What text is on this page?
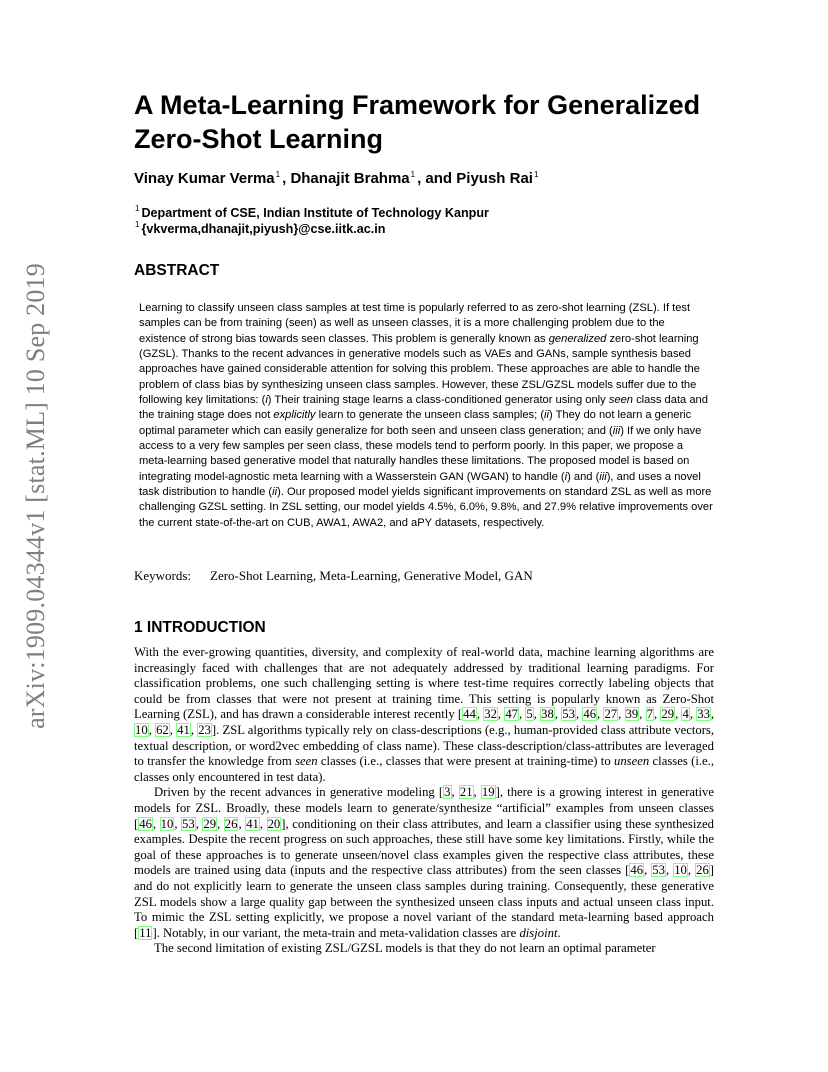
arXiv:1909.04344v1 [stat.ML] 10 Sep 2019
A Meta-Learning Framework for Generalized
Zero-Shot Learning

Vinay Kumar Verma$^1$ , Dhanajit Brahma$^1$ , and Piyush Rai$^1$

$^1$ Department of CSE, Indian Institute of Technology Kanpur

$^1$ {vkverma,dhanajit,piyush}@cse.iitk.ac.in

ABSTRACT

Learning to classify unseen class samples at test time is popularly referred to as zero-shot learning (ZSL). If test samples can be from training (seen) as well as unseen classes, it is a more challenging problem due to the existence of strong bias towards seen classes. This problem is generally known as generalized zero-shot learning (GZSL). Thanks to the recent advances in generative models such as VAEs and GANs, sample synthesis based approaches have gained considerable attention for solving this problem. These approaches are able to handle the problem of class bias by synthesizing unseen class samples. However, these ZSL/GZSL models suffer due to the following key limitations: (i) Their training stage learns a class-conditioned generator using only seen class data and the training stage does not explicitly learn to generate the unseen class samples; (ii) They do not learn a generic optimal parameter which can easily generalize for both seen and unseen class generation; and (iii) If we only have access to a very few samples per seen class, these models tend to perform poorly. In this paper, we propose a meta-learning based generative model that naturally handles these limitations. The proposed model is based on integrating model-agnostic meta learning with a Wasserstein GAN (WGAN) to handle (i) and (iii), and uses a novel task distribution to handle (ii). Our proposed model yields significant improvements on standard ZSL as well as more challenging GZSL setting. In ZSL setting, our model yields 4.5%, 6.0%, 9.8%, and 27.9% relative improvements over the current state-of-the-art on CUB, AWA1, AWA2, and aPY datasets, respectively.

Keywords: Zero-Shot Learning, Meta-Learning, Generative Model, GAN

1 INTRODUCTION

With the ever-growing quantities, diversity, and complexity of real-world data, machine learning algorithms are increasingly faced with challenges that are not adequately addressed by traditional learning paradigms. For classification problems, one such challenging setting is where test-time requires correctly labeling objects that could be from classes that were not present at training time. This setting is popularly known as Zero-Shot Learning (ZSL), and has drawn a considerable interest recently [44, 32, 47, 5, 38, 53, 46, 27, 39, 7, 29, 4, 33, 10, 62, 41, 23]. ZSL algorithms typically rely on class-descriptions (e.g., human-provided class attribute vectors, textual description, or word2vec embedding of class name). These class-description/class-attributes are leveraged to transfer the knowledge from seen classes (i.e., classes that were present at training-time) to unseen classes (i.e., classes only encountered in test data).

Driven by the recent advances in generative modeling [3, 21, 19], there is a growing interest in generative models for ZSL. Broadly, these models learn to generate/synthesize “artificial” examples from unseen classes [46, 10, 53, 29, 26, 41, 20], conditioning on their class attributes, and learn a classifier using these synthesized examples. Despite the recent progress on such approaches, these still have some key limitations. Firstly, while the goal of these approaches is to generate unseen/novel class examples given the respective class attributes, these models are trained using data (inputs and the respective class attributes) from the seen classes [46, 53, 10, 26] and do not explicitly learn to generate the unseen class samples during training. Consequently, these generative ZSL models show a large quality gap between the synthesized unseen class inputs and actual unseen class input. To mimic the ZSL setting explicitly, we propose a novel variant of the standard meta-learning based approach [11]. Notably, in our variant, the meta-train and meta-validation classes are disjoint.

The second limitation of existing ZSL/GZSL models is that they do not learn an optimal parameter
